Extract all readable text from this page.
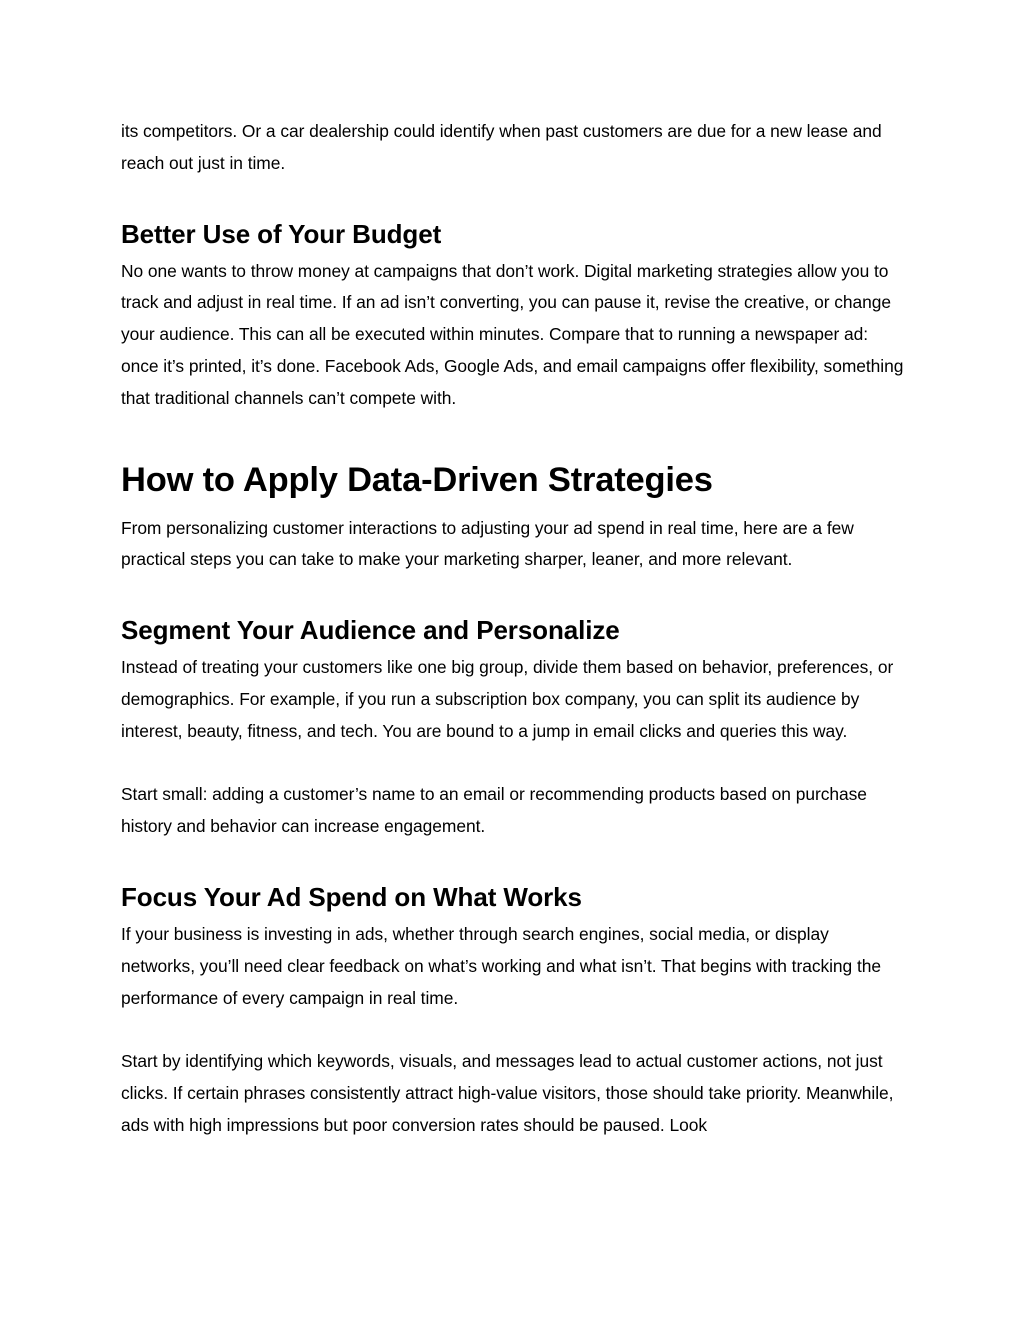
its competitors. Or a car dealership could identify when past customers are due for a new lease and reach out just in time.

Better Use of Your Budget

No one wants to throw money at campaigns that don’t work. Digital marketing strategies allow you to track and adjust in real time. If an ad isn’t converting, you can pause it, revise the creative, or change your audience. This can all be executed within minutes. Compare that to running a newspaper ad: once it’s printed, it’s done. Facebook Ads, Google Ads, and email campaigns offer flexibility, something that traditional channels can’t compete with.

How to Apply Data-Driven Strategies

From personalizing customer interactions to adjusting your ad spend in real time, here are a few practical steps you can take to make your marketing sharper, leaner, and more relevant.

Segment Your Audience and Personalize

Instead of treating your customers like one big group, divide them based on behavior, preferences, or demographics. For example, if you run a subscription box company, you can split its audience by interest, beauty, fitness, and tech. You are bound to a jump in email clicks and queries this way.

Start small: adding a customer’s name to an email or recommending products based on purchase history and behavior can increase engagement.

Focus Your Ad Spend on What Works

If your business is investing in ads, whether through search engines, social media, or display networks, you’ll need clear feedback on what’s working and what isn’t. That begins with tracking the performance of every campaign in real time.

Start by identifying which keywords, visuals, and messages lead to actual customer actions, not just clicks. If certain phrases consistently attract high-value visitors, those should take priority. Meanwhile, ads with high impressions but poor conversion rates should be paused. Look
